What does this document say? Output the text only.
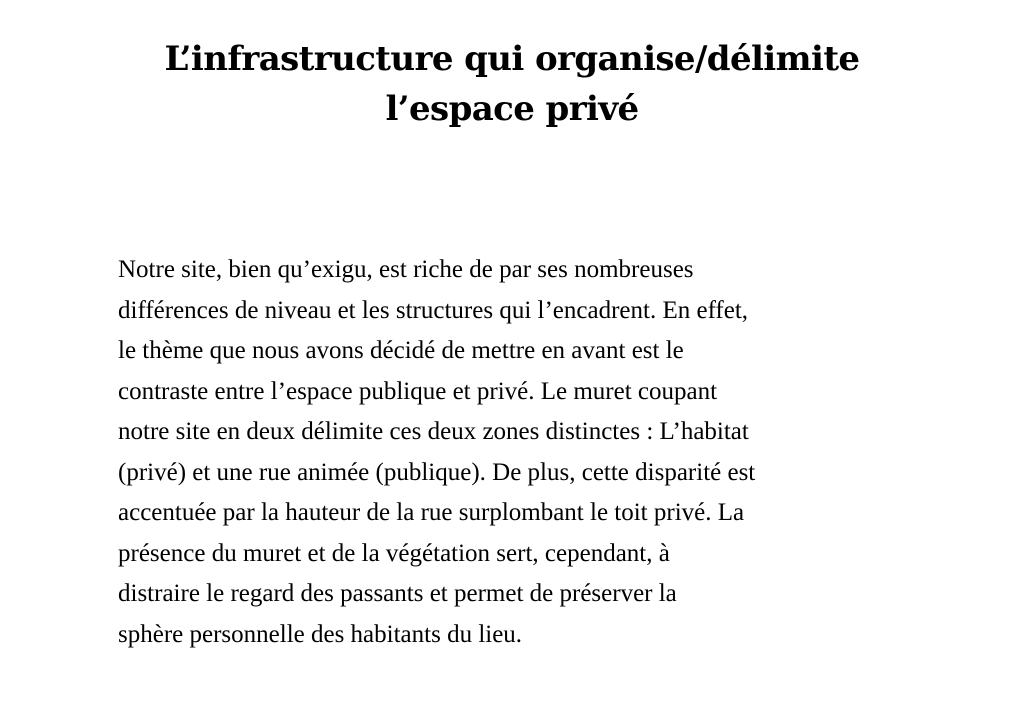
L’infrastructure qui organise/délimite
l’espace privé

Notre site, bien qu’exigu, est riche de par ses nombreuses
différences de niveau et les structures qui l’encadrent. En effet,
le thème que nous avons décidé de mettre en avant est le
contraste entre l’espace publique et privé. Le muret coupant
notre site en deux délimite ces deux zones distinctes : L’habitat
(privé) et une rue animée (publique). De plus, cette disparité est
accentuée par la hauteur de la rue surplombant le toit privé. La
présence du muret et de la végétation sert, cependant, à
distraire le regard des passants et permet de préserver la
sphère personnelle des habitants du lieu.
